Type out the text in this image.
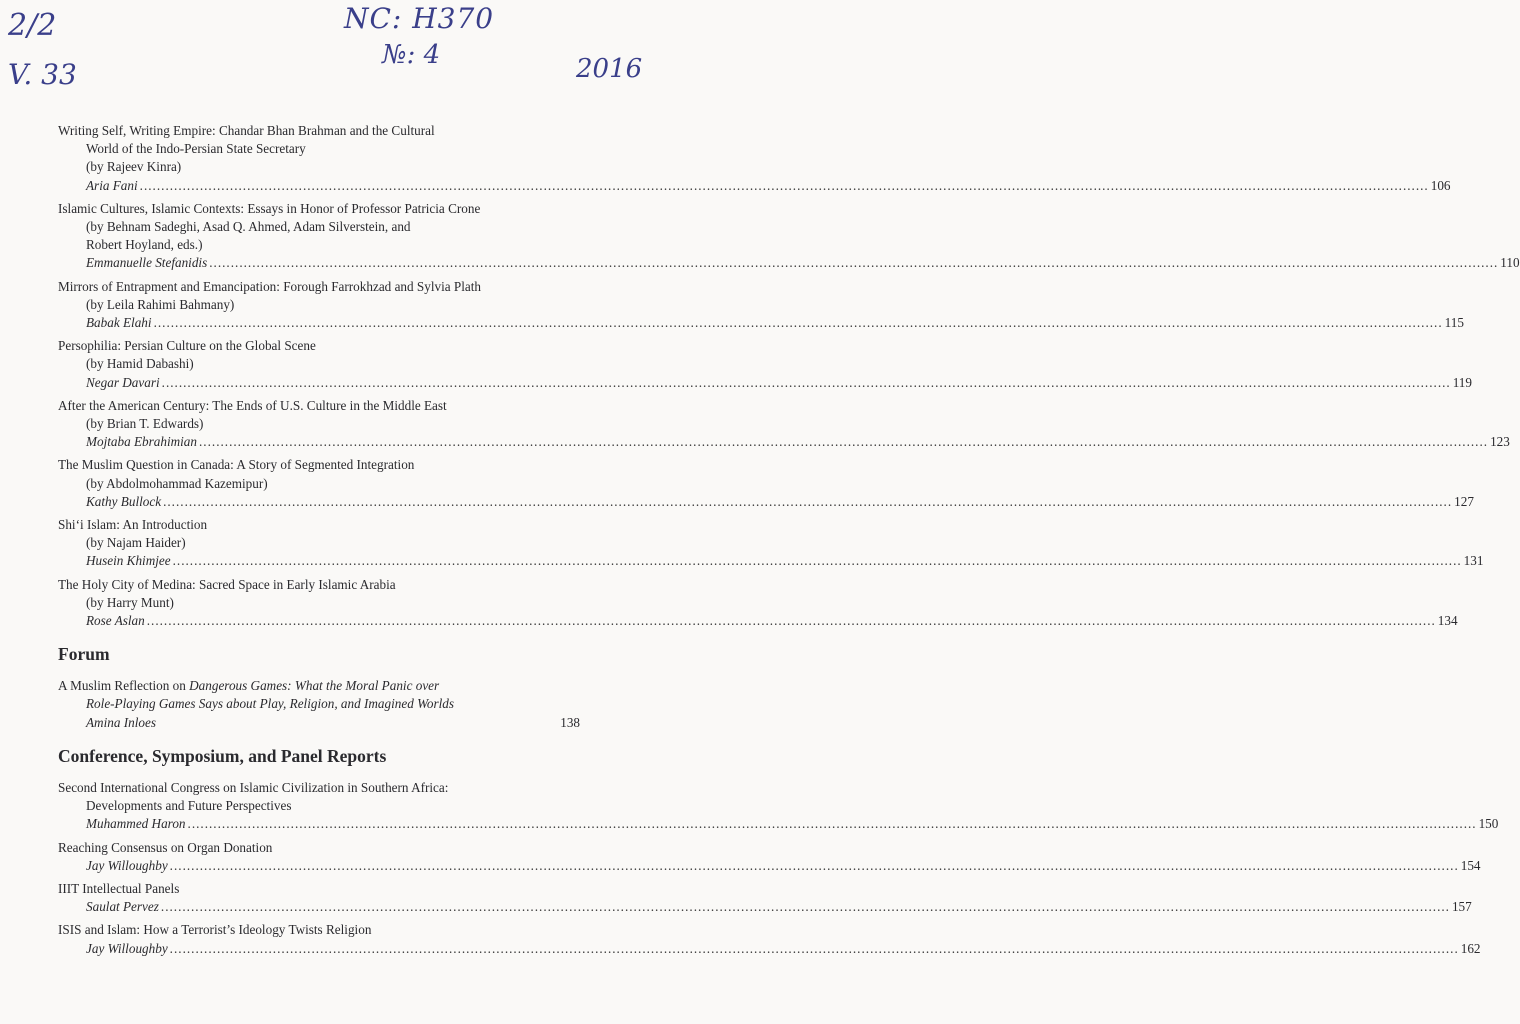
2/2
V. 33
NC: H370
№: 4	2016
Writing Self, Writing Empire: Chandar Bhan Brahman and the Cultural
World of the Indo-Persian State Secretary
(by Rajeev Kinra)
Aria Fani ............................................................................................................................................................................................................................................................................................................ 106
Islamic Cultures, Islamic Contexts: Essays in Honor of Professor Patricia Crone
(by Behnam Sadeghi, Asad Q. Ahmed, Adam Silverstein, and
Robert Hoyland, eds.)
Emmanuelle Stefanidis ............................................................................................................................................................................................................................................................................................................ 110
Mirrors of Entrapment and Emancipation: Forough Farrokhzad and Sylvia Plath
(by Leila Rahimi Bahmany)
Babak Elahi ............................................................................................................................................................................................................................................................................................................ 115
Persophilia: Persian Culture on the Global Scene
(by Hamid Dabashi)
Negar Davari ............................................................................................................................................................................................................................................................................................................ 119
After the American Century: The Ends of U.S. Culture in the Middle East
(by Brian T. Edwards)
Mojtaba Ebrahimian ............................................................................................................................................................................................................................................................................................................ 123
The Muslim Question in Canada: A Story of Segmented Integration
(by Abdolmohammad Kazemipur)
Kathy Bullock ............................................................................................................................................................................................................................................................................................................ 127
Shi‘i Islam: An Introduction
(by Najam Haider)
Husein Khimjee ............................................................................................................................................................................................................................................................................................................ 131
The Holy City of Medina: Sacred Space in Early Islamic Arabia
(by Harry Munt)
Rose Aslan ............................................................................................................................................................................................................................................................................................................ 134
Forum
A Muslim Reflection on Dangerous Games: What the Moral Panic over
Role-Playing Games Says about Play, Religion, and Imagined Worlds
Amina Inloes	138
Conference, Symposium, and Panel Reports
Second International Congress on Islamic Civilization in Southern Africa:
Developments and Future Perspectives
Muhammed Haron ............................................................................................................................................................................................................................................................................................................ 150
Reaching Consensus on Organ Donation
Jay Willoughby ............................................................................................................................................................................................................................................................................................................ 154
IIIT Intellectual Panels
Saulat Pervez ............................................................................................................................................................................................................................................................................................................ 157
ISIS and Islam: How a Terrorist’s Ideology Twists Religion
Jay Willoughby ............................................................................................................................................................................................................................................................................................................ 162
